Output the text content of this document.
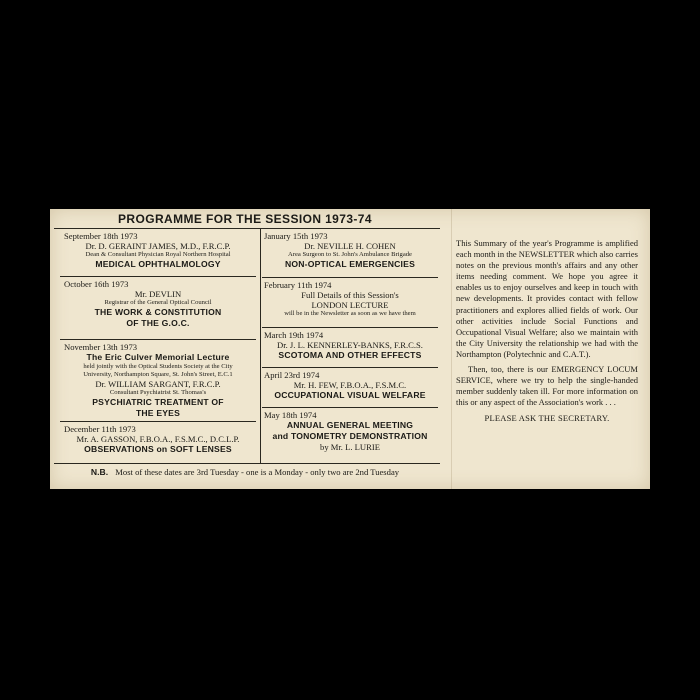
PROGRAMME FOR THE SESSION 1973-74
September 18th 1973
Dr. D. GERAINT JAMES, M.D., F.R.C.P.
Dean & Consultant Physician Royal Northern Hospital
MEDICAL OPHTHALMOLOGY
October 16th 1973
Mr. DEVLIN
Registrar of the General Optical Council
THE WORK & CONSTITUTION
OF THE G.O.C.
November 13th 1973
The Eric Culver Memorial Lecture
held jointly with the Optical Students Society at the City
University, Northampton Square, St. John's Street, E.C.1
Dr. WILLIAM SARGANT, F.R.C.P.
Consultant Psychiatrist St. Thomas's
PSYCHIATRIC TREATMENT OF
THE EYES
December 11th 1973
Mr. A. GASSON, F.B.O.A., F.S.M.C., D.C.L.P.
OBSERVATIONS on SOFT LENSES
January 15th 1973
Dr. NEVILLE H. COHEN
Area Surgeon to St. John's Ambulance Brigade
NON-OPTICAL EMERGENCIES
February 11th 1974
Full Details of this Session's
LONDON LECTURE
will be in the Newsletter as soon as we have them
March 19th 1974
Dr. J. L. KENNERLEY-BANKS, F.R.C.S.
SCOTOMA AND OTHER EFFECTS
April 23rd 1974
Mr. H. FEW, F.B.O.A., F.S.M.C.
OCCUPATIONAL VISUAL WELFARE
May 18th 1974
ANNUAL GENERAL MEETING
and TONOMETRY DEMONSTRATION
by Mr. L. LURIE
N.B. Most of these dates are 3rd Tuesday - one is a Monday - only two are 2nd Tuesday

This Summary of the year's Programme is amplified each month in the NEWSLETTER which also carries notes on the previous month's affairs and any other items needing comment. We hope you agree it enables us to enjoy ourselves and keep in touch with new developments. It provides contact with fellow practitioners and explores allied fields of work. Our other activities include Social Functions and Occupational Visual Welfare; also we maintain with the City University the relationship we had with the Northampton (Polytechnic and C.A.T.).

Then, too, there is our EMERGENCY LOCUM SERVICE, where we try to help the single-handed member suddenly taken ill. For more information on this or any aspect of the Association's work . . .

PLEASE ASK THE SECRETARY.
